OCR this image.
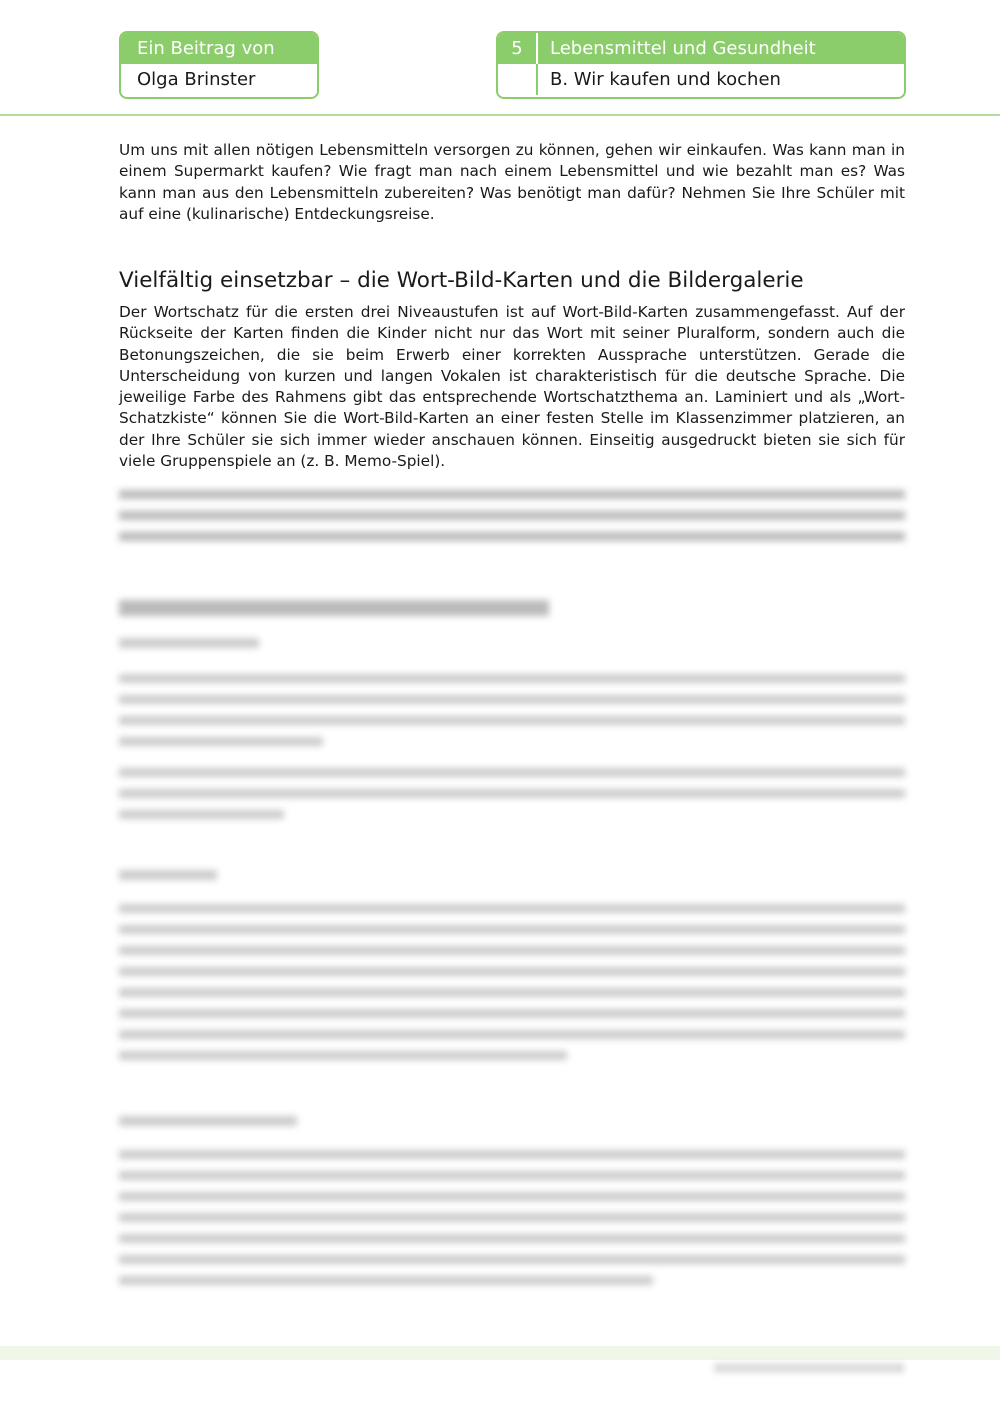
Ein Beitrag von
Olga Brinster
5	Lebensmittel und Gesundheit
B. Wir kaufen und kochen

Um uns mit allen nötigen Lebensmitteln versorgen zu können, gehen wir einkaufen. Was kann man in einem Supermarkt kaufen? Wie fragt man nach einem Lebensmittel und wie bezahlt man es? Was kann man aus den Lebensmitteln zubereiten? Was benötigt man dafür? Nehmen Sie Ihre Schüler mit auf eine (kulinarische) Entdeckungsreise.

Vielfältig einsetzbar – die Wort-Bild-Karten und die Bildergalerie

Der Wortschatz für die ersten drei Niveaustufen ist auf Wort-Bild-Karten zusammengefasst. Auf der Rückseite der Karten finden die Kinder nicht nur das Wort mit seiner Pluralform, sondern auch die Betonungszeichen, die sie beim Erwerb einer korrekten Aussprache unterstützen. Gerade die Unterscheidung von kurzen und langen Vokalen ist charakteristisch für die deutsche Sprache. Die jeweilige Farbe des Rahmens gibt das entsprechende Wortschatzthema an. Laminiert und als „Wort-Schatzkiste“ können Sie die Wort-Bild-Karten an einer festen Stelle im Klassenzimmer platzieren, an der Ihre Schüler sie sich immer wieder anschauen können. Einseitig ausgedruckt bieten sie sich für viele Gruppenspiele an (z. B. Memo-Spiel).
